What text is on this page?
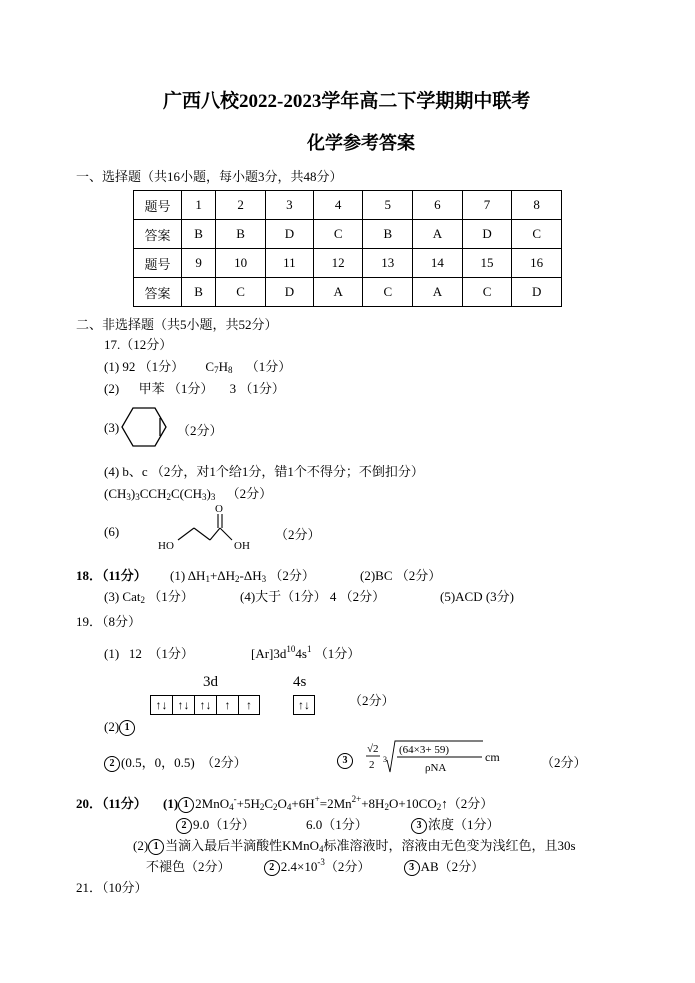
广西八校2022-2023学年高二下学期期中联考
化学参考答案
一、选择题（共16小题，每小题3分，共48分）
题号	1	2	3	4	5	6	7	8
答案	B	B	D	C	B	A	D	C
题号	9	10	11	12	13	14	15	16
答案	B	C	D	A	C	A	C	D
二、非选择题（共5小题，共52分）
17.（12分）
(1) 92 （1分） $C_7H_8$ （1分）
(2)      甲苯 （1分）     3 （1分）
(3)	（2分）
(4) b、c （2分，对1个给1分，错1个不得分；不倒扣分）
$(CH_3)_3CCH_2C(CH_3)_3$ （2分）
(6)
HO	OH
O
（2分）
18．（11分） (1) $\Delta H_1+\Delta H_2-\Delta H_3$ （2分）	(2)BC （2分）
(3) Cat$_2$ （1分）	(4)大于（1分） 4 （2分）	(5)ACD (3分)
19．（8分）
(1)   12  （1分）	$[Ar]3d^{10}4s^1$ （1分）
(2) 1
3d
↑↓ ↑↓ ↑↓ ↑ ↑
4s
↑↓	（2分）
2 (0.5，0，0.5)  （2分）	3
√2
2 3
(64×3+ 59)
ρNA
cm	（2分）
20．（11分） (1) 1 $2MnO_4^-+5H_2C_2O_4+6H^+=2Mn^{2+}+8H_2O+10CO_2↑(2$分）
2 9.0（1分）	6.0（1分）	3 浓度（1分）
(2) 1 当滴入最后半滴酸性KMnO$_4$标准溶液时，溶液由无色变为浅红色，且30s
不褪色（2分）	2 $2.4\times 10^{-3}(2$分）	3 AB（2分）
21．（10分）
